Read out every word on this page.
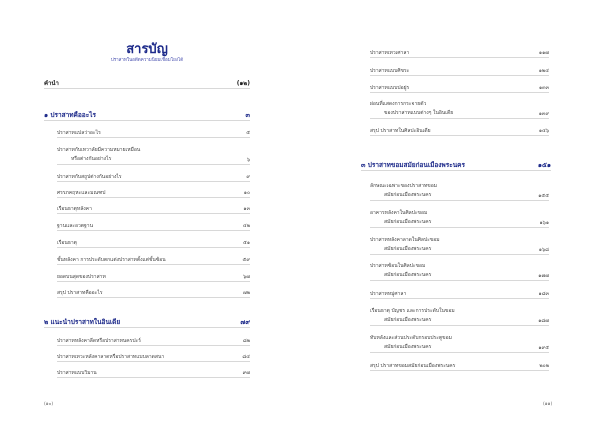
สารบัญ
ปราสาทในอดีตความนิยมเชื่อมโยงได้
คำนำ	(๑๒)
๑ ปราสาทคืออะไร	๓
ปราสาทแปลว่าอะไร	๕
ปราสาทกับเทวาลัยมีความหมายเหมือน
หรือต่างกันอย่างไร	๖
ปราสาทกับสถูปต่างกันอย่างไร	๙
ศรรภคฤหะและมณฑป	๑๐
เรือนธาตุหลังคา	๑๓
ฐานและอวตฐาน	๔๒
เรือนธาตุ	๕๑
ชั้นหลังคา การประดับตกแต่งปราสาทตั้งแต่ชั้นซ้อน	๕๙
ยอดบนสุดของปราสาท	๖๗
สรุป ปราสาทคืออะไร	๗๒
๒ แนะนำปราสาทในอินเดีย	๗๙
ปราสาทหลังคาลีดหรือปราสาทนครปะร์	๘๒
ปราสาทเทวะหลังคาลาดหรือปราสาทแบบลาดสนา	๘๔
ปราสาทแบบวิมาน	๙๗
(๑๐)
ปราสาทเทวเศาลา	๑๑๗
ปราสาทแบบศิขระ	๑๒๔
ปราสาทแบบปอยู่ร	๑๓๓
ผ่อนที่แสดงการกระจายตัว
ของปราสาทแบบต่างๆ ในอินเดีย	๑๓๙
สรุป ปราสาทในศิลปะอินเดีย	๑๔๖
๓ ปราสาทขอมสมัยก่อนเมืองพระนคร	๑๕๑
ลักษณะเฉพาะของปราสาทขอม
สมัยก่อนเมืองพระนคร	๑๕๕
อาคารหลังคาในศิลปะขอม
สมัยก่อนเมืองพระนคร	๑๖๑
ปราสาทหลังคาลาดในศิลปะขอม
สมัยก่อนเมืองพระนคร	๑๖๘
ปราสาทซ้อนในศิลปะขอม
สมัยก่อนเมืองพระนคร	๑๗๗
ปราสาทหมู่ศาลา	๑๘๓
เรือนธาตุ บัญชร และการประดับในขอม
สมัยก่อนเมืองพระนคร	๑๘๗
ทับหลังและส่วนประดับกรอบประตูขอม
สมัยก่อนเมืองพระนคร	๑๙๕
สรุป ปราสาทขอมสมัยก่อนเมืองพระนคร	๒๐๒
(๑๑)
